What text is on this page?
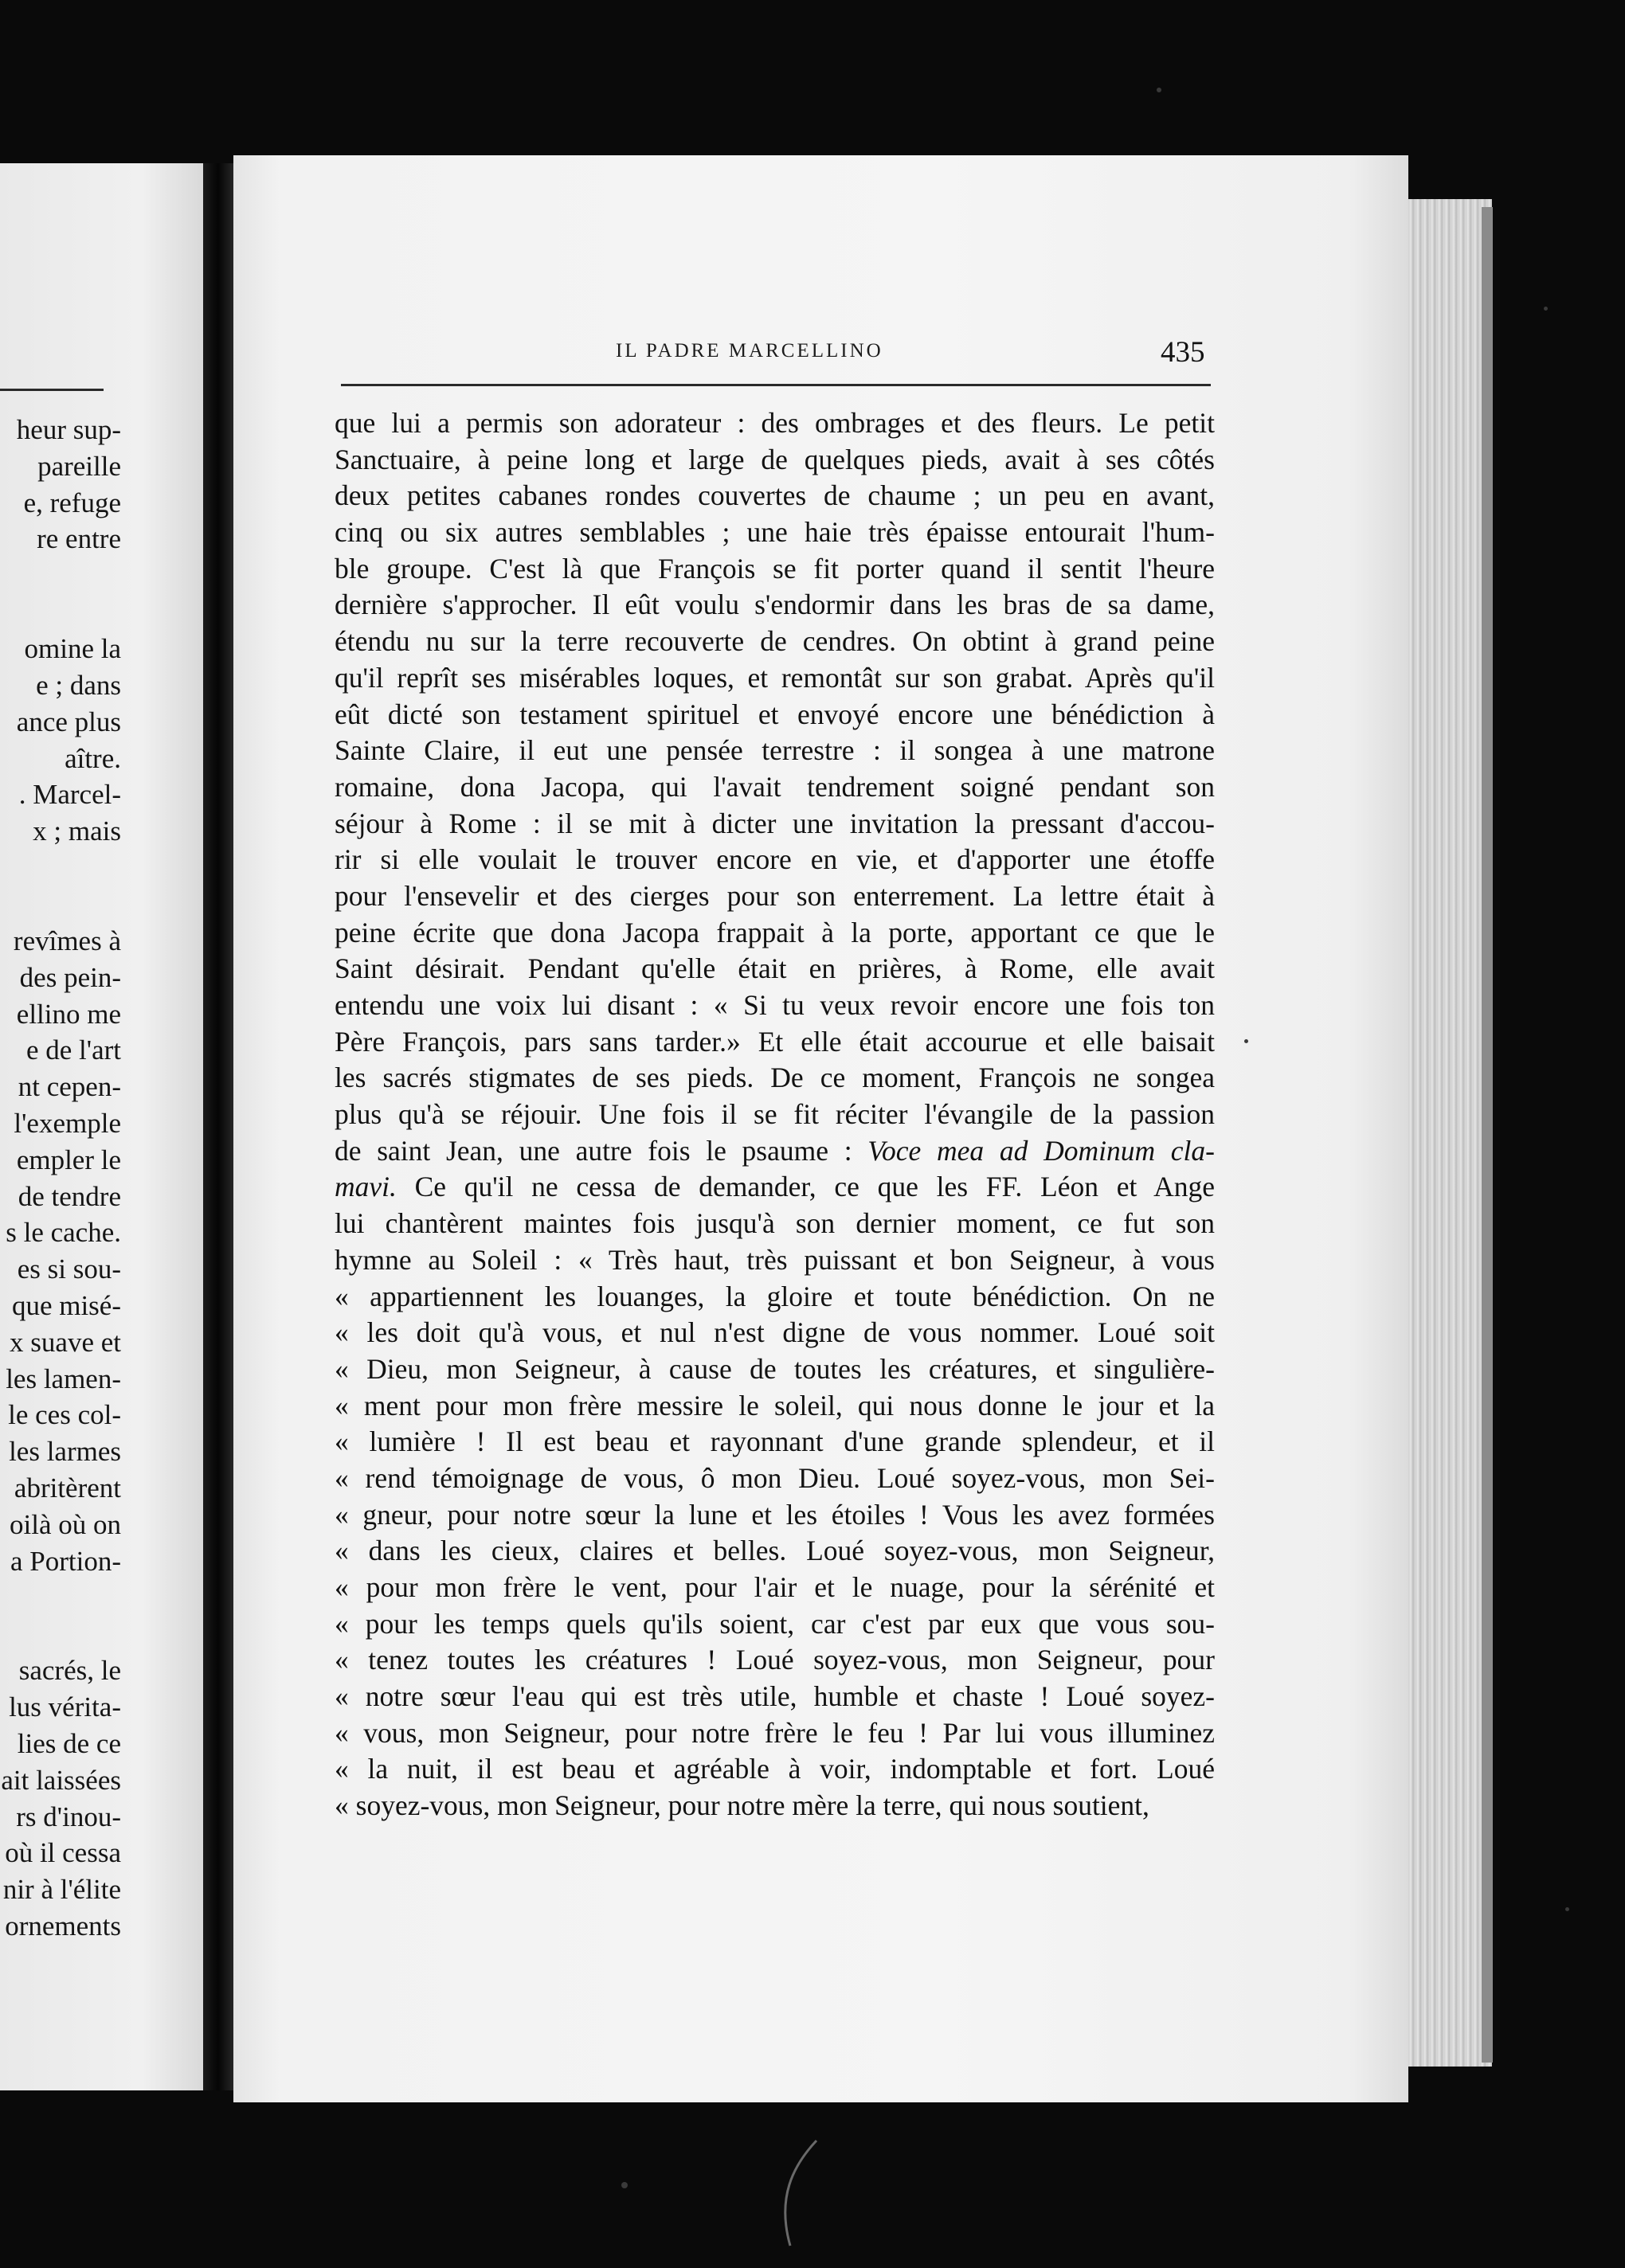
heur sup-
pareille
e, refuge
re entre
omine la
e ; dans
ance plus
aître.
. Marcel-
x ; mais
revîmes à
des pein-
ellino me
e de l'art
nt cepen-
l'exemple
empler le
de tendre
s le cache.
es si sou-
que misé-
x suave et
les lamen-
le ces col-
les larmes
abritèrent
oilà où on
a Portion-
sacrés, le
lus vérita-
lies de ce
ait laissées
rs d'inou-
où il cessa
nir à l'élite
ornements
IL PADRE MARCELLINO	435
que lui a permis son adorateur : des ombrages et des fleurs. Le petit
Sanctuaire, à peine long et large de quelques pieds, avait à ses côtés
deux petites cabanes rondes couvertes de chaume ; un peu en avant,
cinq ou six autres semblables ; une haie très épaisse entourait l'hum-
ble groupe. C'est là que François se fit porter quand il sentit l'heure
dernière s'approcher. Il eût voulu s'endormir dans les bras de sa dame,
étendu nu sur la terre recouverte de cendres. On obtint à grand peine
qu'il reprît ses misérables loques, et remontât sur son grabat. Après qu'il
eût dicté son testament spirituel et envoyé encore une bénédiction à
Sainte Claire, il eut une pensée terrestre : il songea à une matrone
romaine, dona Jacopa, qui l'avait tendrement soigné pendant son
séjour à Rome : il se mit à dicter une invitation la pressant d'accou-
rir si elle voulait le trouver encore en vie, et d'apporter une étoffe
pour l'ensevelir et des cierges pour son enterrement. La lettre était à
peine écrite que dona Jacopa frappait à la porte, apportant ce que le
Saint désirait. Pendant qu'elle était en prières, à Rome, elle avait
entendu une voix lui disant : « Si tu veux revoir encore une fois ton
Père François, pars sans tarder.» Et elle était accourue et elle baisait
les sacrés stigmates de ses pieds. De ce moment, François ne songea
plus qu'à se réjouir. Une fois il se fit réciter l'évangile de la passion
de saint Jean, une autre fois le psaume : Voce mea ad Dominum cla-
mavi. Ce qu'il ne cessa de demander, ce que les FF. Léon et Ange
lui chantèrent maintes fois jusqu'à son dernier moment, ce fut son
hymne au Soleil : « Très haut, très puissant et bon Seigneur, à vous
« appartiennent les louanges, la gloire et toute bénédiction. On ne
« les doit qu'à vous, et nul n'est digne de vous nommer. Loué soit
« Dieu, mon Seigneur, à cause de toutes les créatures, et singulière-
« ment pour mon frère messire le soleil, qui nous donne le jour et la
« lumière ! Il est beau et rayonnant d'une grande splendeur, et il
« rend témoignage de vous, ô mon Dieu. Loué soyez-vous, mon Sei-
« gneur, pour notre sœur la lune et les étoiles ! Vous les avez formées
« dans les cieux, claires et belles. Loué soyez-vous, mon Seigneur,
« pour mon frère le vent, pour l'air et le nuage, pour la sérénité et
« pour les temps quels qu'ils soient, car c'est par eux que vous sou-
« tenez toutes les créatures ! Loué soyez-vous, mon Seigneur, pour
« notre sœur l'eau qui est très utile, humble et chaste ! Loué soyez-
« vous, mon Seigneur, pour notre frère le feu ! Par lui vous illuminez
« la nuit, il est beau et agréable à voir, indomptable et fort. Loué
« soyez-vous, mon Seigneur, pour notre mère la terre, qui nous soutient,
